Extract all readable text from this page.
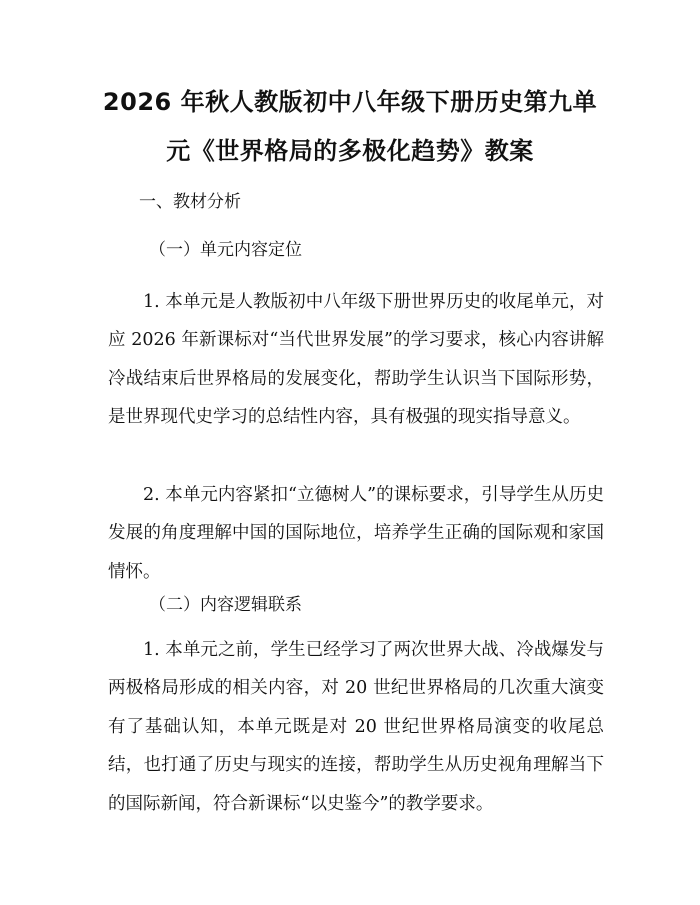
2026 年秋人教版初中八年级下册历史第九单
元《世界格局的多极化趋势》教案
一、教材分析
（一）单元内容定位
1. 本单元是人教版初中八年级下册世界历史的收尾单元，对应 2026 年新课标对“当代世界发展”的学习要求，核心内容讲解冷战结束后世界格局的发展变化，帮助学生认识当下国际形势，是世界现代史学习的总结性内容，具有极强的现实指导意义。
2. 本单元内容紧扣“立德树人”的课标要求，引导学生从历史发展的角度理解中国的国际地位，培养学生正确的国际观和家国情怀。
（二）内容逻辑联系
1. 本单元之前，学生已经学习了两次世界大战、冷战爆发与两极格局形成的相关内容，对 20 世纪世界格局的几次重大演变有了基础认知，本单元既是对 20 世纪世界格局演变的收尾总结，也打通了历史与现实的连接，帮助学生从历史视角理解当下的国际新闻，符合新课标“以史鉴今”的教学要求。
